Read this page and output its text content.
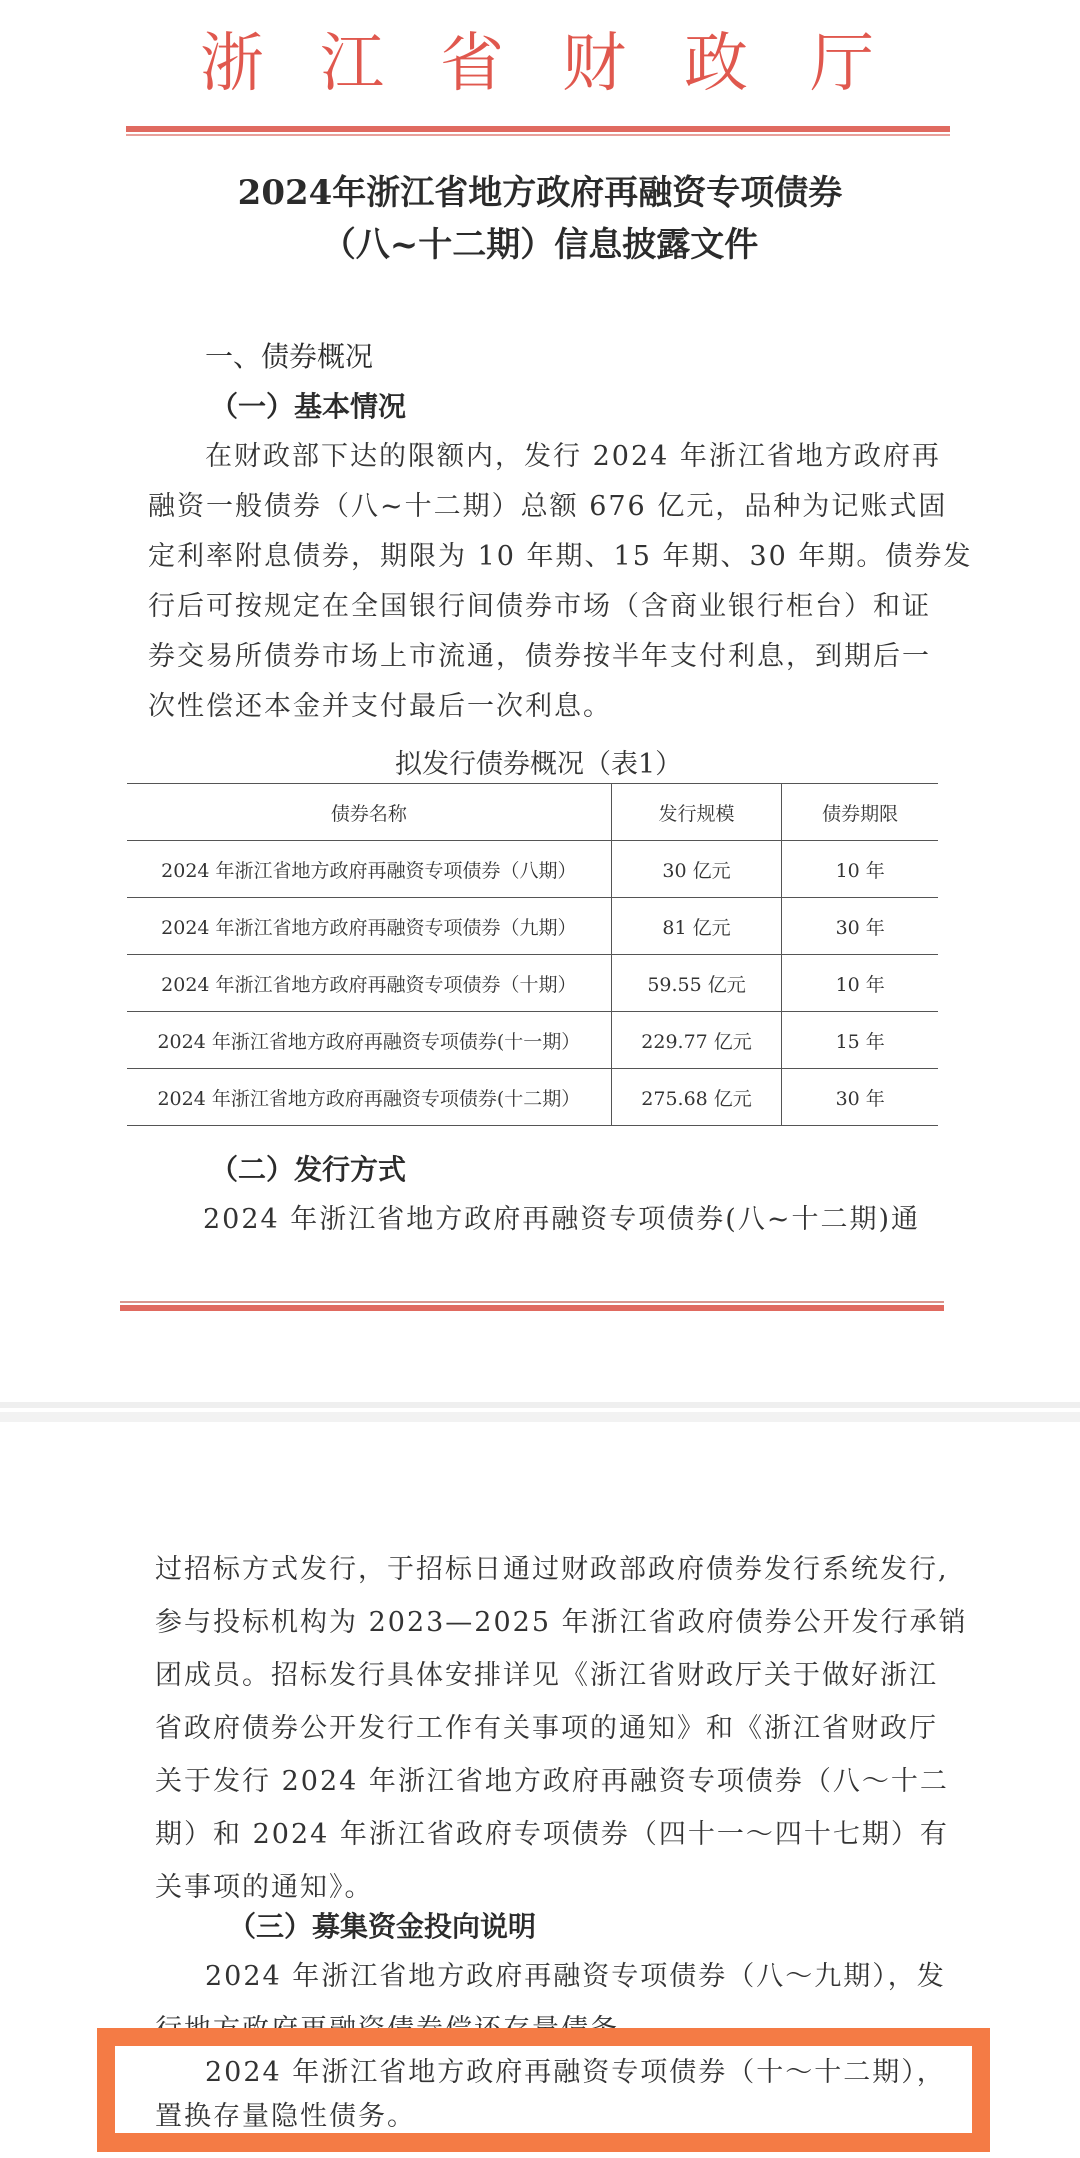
浙 江 省 财 政 厅
2024年浙江省地方政府再融资专项债券
（八~十二期）信息披露文件
一、债券概况
（一）基本情况
在财政部下达的限额内，发行 2024 年浙江省地方政府再
融资一般债券（八~十二期）总额 676 亿元，品种为记账式固
定利率附息债券，期限为 10 年期、15 年期、30 年期。债券发
行后可按规定在全国银行间债券市场（含商业银行柜台）和证
券交易所债券市场上市流通，债券按半年支付利息，到期后一
次性偿还本金并支付最后一次利息。
拟发行债券概况（表1）
债券名称	发行规模	债券期限
2024 年浙江省地方政府再融资专项债券（八期）	30 亿元	10 年
2024 年浙江省地方政府再融资专项债券（九期）	81 亿元	30 年
2024 年浙江省地方政府再融资专项债券（十期）	59.55 亿元	10 年
2024 年浙江省地方政府再融资专项债券(十一期）	229.77 亿元	15 年
2024 年浙江省地方政府再融资专项债券(十二期）	275.68 亿元	30 年
（二）发行方式
2024 年浙江省地方政府再融资专项债券(八~十二期)通
过招标方式发行，于招标日通过财政部政府债券发行系统发行,
参与投标机构为 2023—2025 年浙江省政府债券公开发行承销
团成员。招标发行具体安排详见《浙江省财政厅关于做好浙江
省政府债券公开发行工作有关事项的通知》和《浙江省财政厅
关于发行 2024 年浙江省地方政府再融资专项债券（八～十二
期）和 2024 年浙江省政府专项债券（四十一～四十七期）有
关事项的通知》。
（三）募集资金投向说明
2024 年浙江省地方政府再融资专项债券（八～九期），发
行地方政府再融资债券偿还存量债务。
2024 年浙江省地方政府再融资专项债券（十～十二期），
置换存量隐性债务。
